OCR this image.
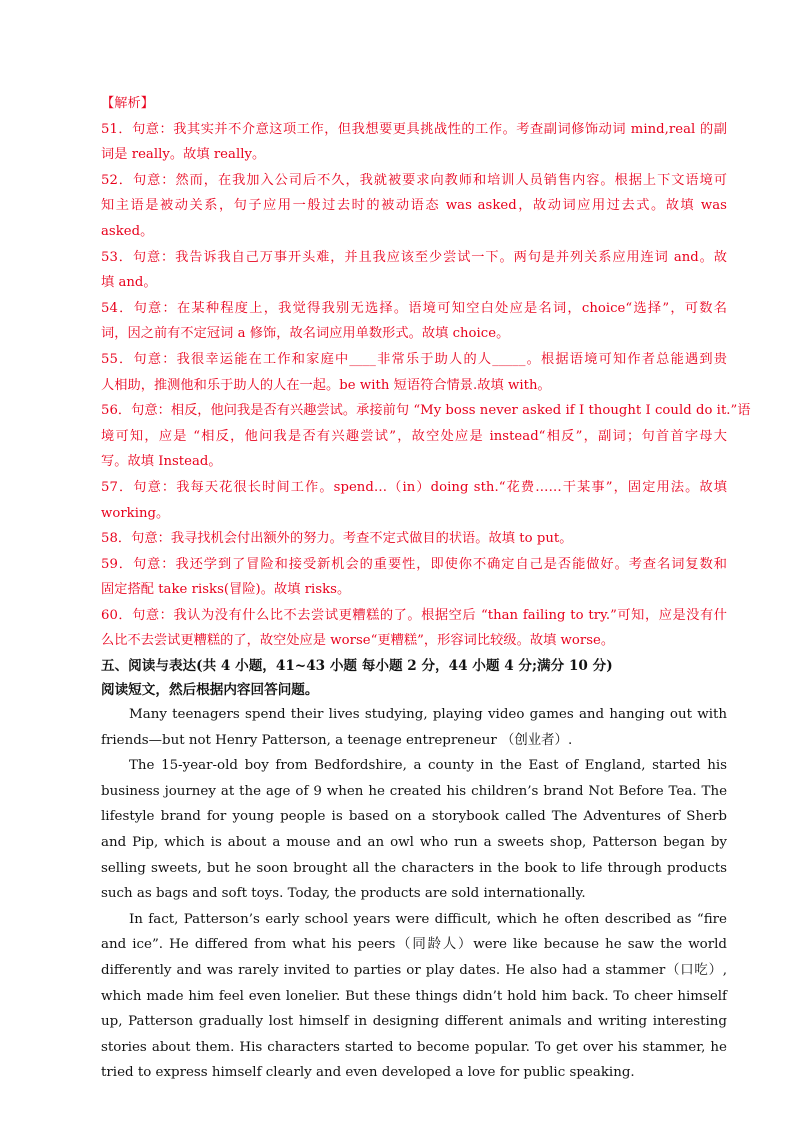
【解析】
51．句意：我其实并不介意这项工作，但我想要更具挑战性的工作。考查副词修饰动词 mind,real 的副
词是 really。故填 really。
52．句意：然而，在我加入公司后不久，我就被要求向教师和培训人员销售内容。根据上下文语境可
知主语是被动关系，句子应用一般过去时的被动语态 was asked，故动词应用过去式。故填 was
asked。
53．句意：我告诉我自己万事开头难，并且我应该至少尝试一下。两句是并列关系应用连词 and。故
填 and。
54．句意：在某种程度上，我觉得我别无选择。语境可知空白处应是名词，choice“选择”，可数名
词，因之前有不定冠词 a 修饰，故名词应用单数形式。故填 choice。
55．句意：我很幸运能在工作和家庭中____非常乐于助人的人_____。根据语境可知作者总能遇到贵
人相助，推测他和乐于助人的人在一起。be with 短语符合情景.故填 with。
56．句意：相反，他问我是否有兴趣尝试。承接前句 “My boss never asked if I thought I could do it.”语
境可知，应是 “相反，他问我是否有兴趣尝试”，故空处应是 instead“相反”，副词；句首首字母大
写。故填 Instead。
57．句意：我每天花很长时间工作。spend…（in）doing sth.“花费……干某事”，固定用法。故填
working。
58．句意：我寻找机会付出额外的努力。考查不定式做目的状语。故填 to put。
59．句意：我还学到了冒险和接受新机会的重要性，即使你不确定自己是否能做好。考查名词复数和
固定搭配 take risks(冒险)。故填 risks。
60．句意：我认为没有什么比不去尝试更糟糕的了。根据空后 “than failing to try.”可知，应是没有什
么比不去尝试更糟糕的了，故空处应是 worse“更糟糕”，形容词比较级。故填 worse。
五、阅读与表达(共 4 小题，41~43 小题 每小题 2 分，44 小题 4 分;满分 10 分)
阅读短文，然后根据内容回答问题。
Many teenagers spend their lives studying, playing video games and hanging out with friends—but not Henry Patterson, a teenage entrepreneur （创业者）.
The 15-year-old boy from Bedfordshire, a county in the East of England, started his business journey at the age of 9 when he created his children’s brand Not Before Tea. The lifestyle brand for young people is based on a storybook called The Adventures of Sherb and Pip, which is about a mouse and an owl who run a sweets shop, Patterson began by selling sweets, but he soon brought all the characters in the book to life through products such as bags and soft toys. Today, the products are sold internationally.
In fact, Patterson’s early school years were difficult, which he often described as “fire and ice”. He differed from what his peers（同龄人）were like because he saw the world differently and was rarely invited to parties or play dates. He also had a stammer（口吃）, which made him feel even lonelier. But these things didn’t hold him back. To cheer himself up, Patterson gradually lost himself in designing different animals and writing interesting stories about them. His characters started to become popular. To get over his stammer, he tried to express himself clearly and even developed a love for public speaking.
